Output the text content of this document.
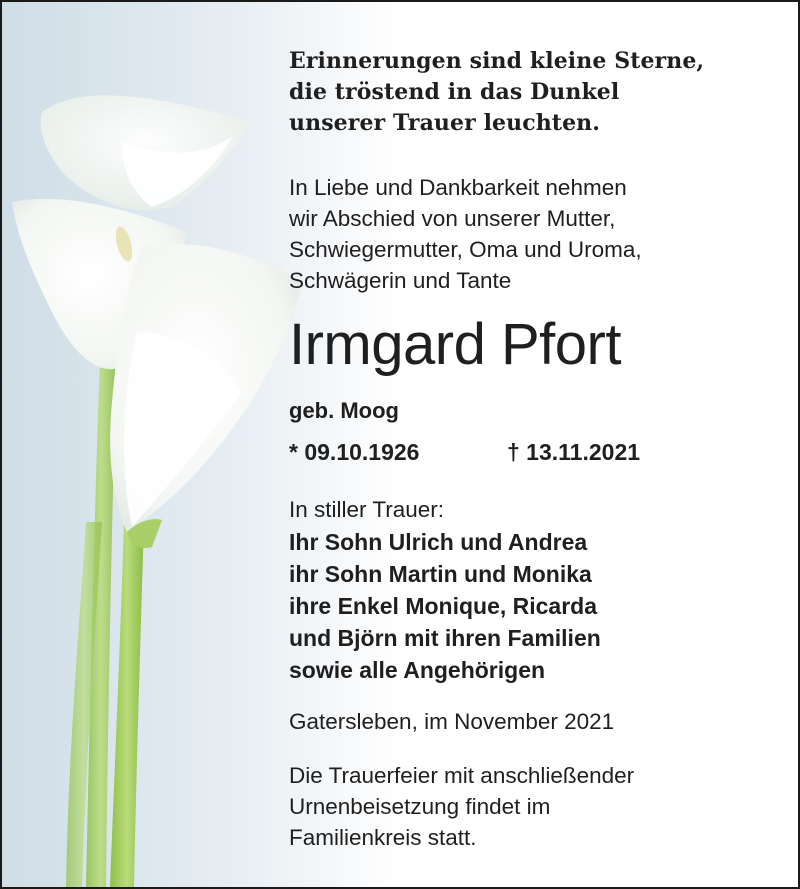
Erinnerungen sind kleine Sterne,
die tröstend in das Dunkel
unserer Trauer leuchten.
In Liebe und Dankbarkeit nehmen
wir Abschied von unserer Mutter,
Schwiegermutter, Oma und Uroma,
Schwägerin und Tante
Irmgard Pfort
geb. Moog
* 09.10.1926	† 13.11.2021
In stiller Trauer:
Ihr Sohn Ulrich und Andrea
ihr Sohn Martin und Monika
ihre Enkel Monique, Ricarda
und Björn mit ihren Familien
sowie alle Angehörigen
Gatersleben, im November 2021
Die Trauerfeier mit anschließender
Urnenbeisetzung findet im
Familienkreis statt.
